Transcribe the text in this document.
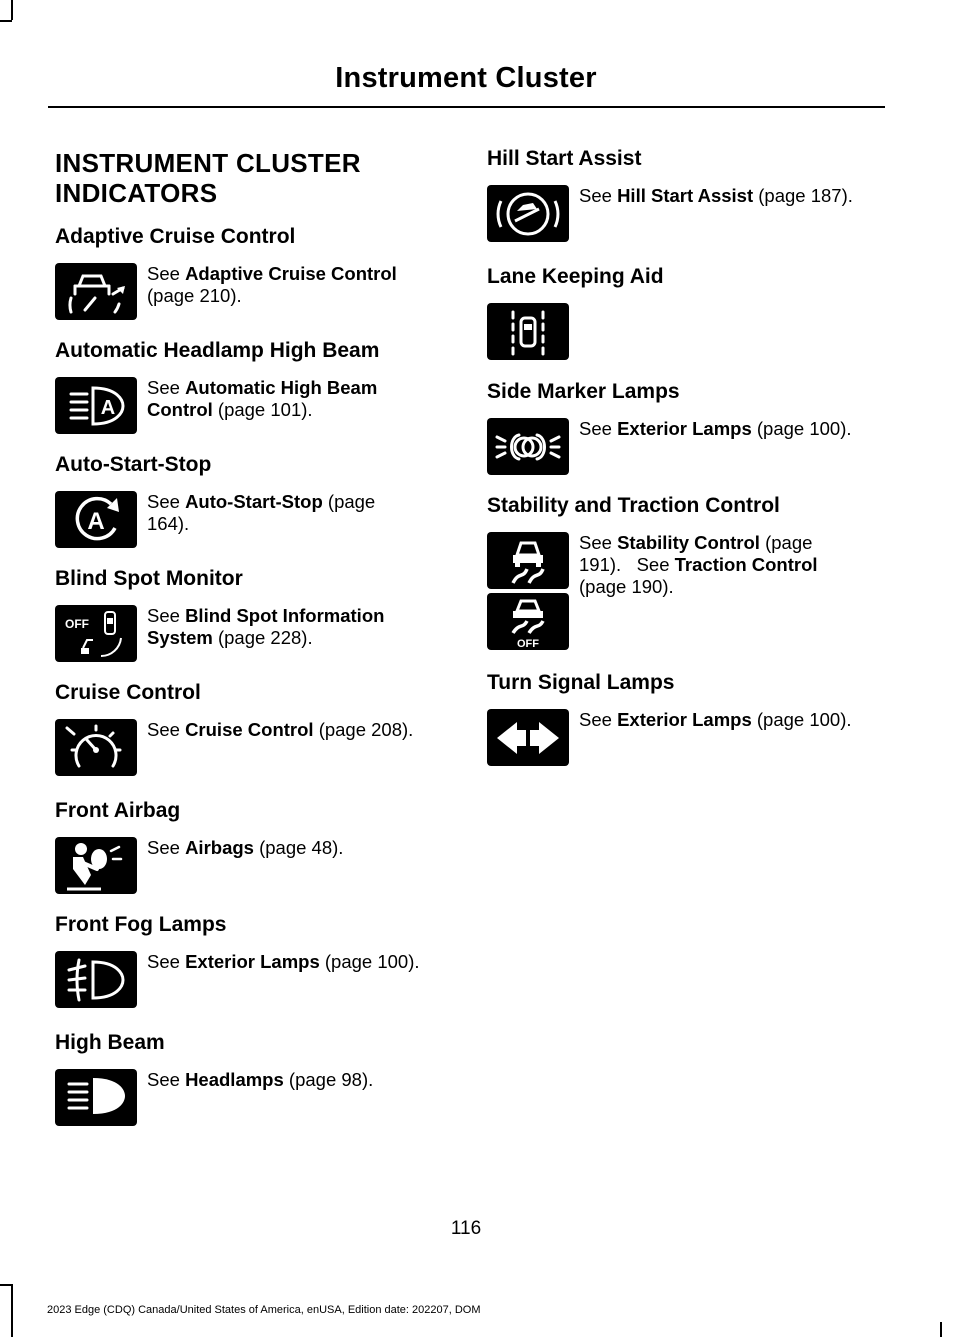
Instrument Cluster
INSTRUMENT CLUSTER
INDICATORS
Adaptive Cruise Control
See Adaptive Cruise Control
(page 210).
Automatic Headlamp High Beam
A
See Automatic High Beam
Control (page 101).
Auto-Start-Stop
A
See Auto-Start-Stop (page
164).
Blind Spot Monitor
OFF	See Blind Spot Information
System (page 228).
Cruise Control
See Cruise Control (page 208).
Front Airbag
See Airbags (page 48).
Front Fog Lamps
See Exterior Lamps (page 100).
High Beam
See Headlamps (page 98).
Hill Start Assist
See Hill Start Assist (page 187).
Lane Keeping Aid
Side Marker Lamps
See Exterior Lamps (page 100).
Stability and Traction Control
OFF
See Stability Control (page
191).   See Traction Control
(page 190).
Turn Signal Lamps
See Exterior Lamps (page 100).
116
2023 Edge (CDQ) Canada/United States of America, enUSA, Edition date: 202207, DOM
